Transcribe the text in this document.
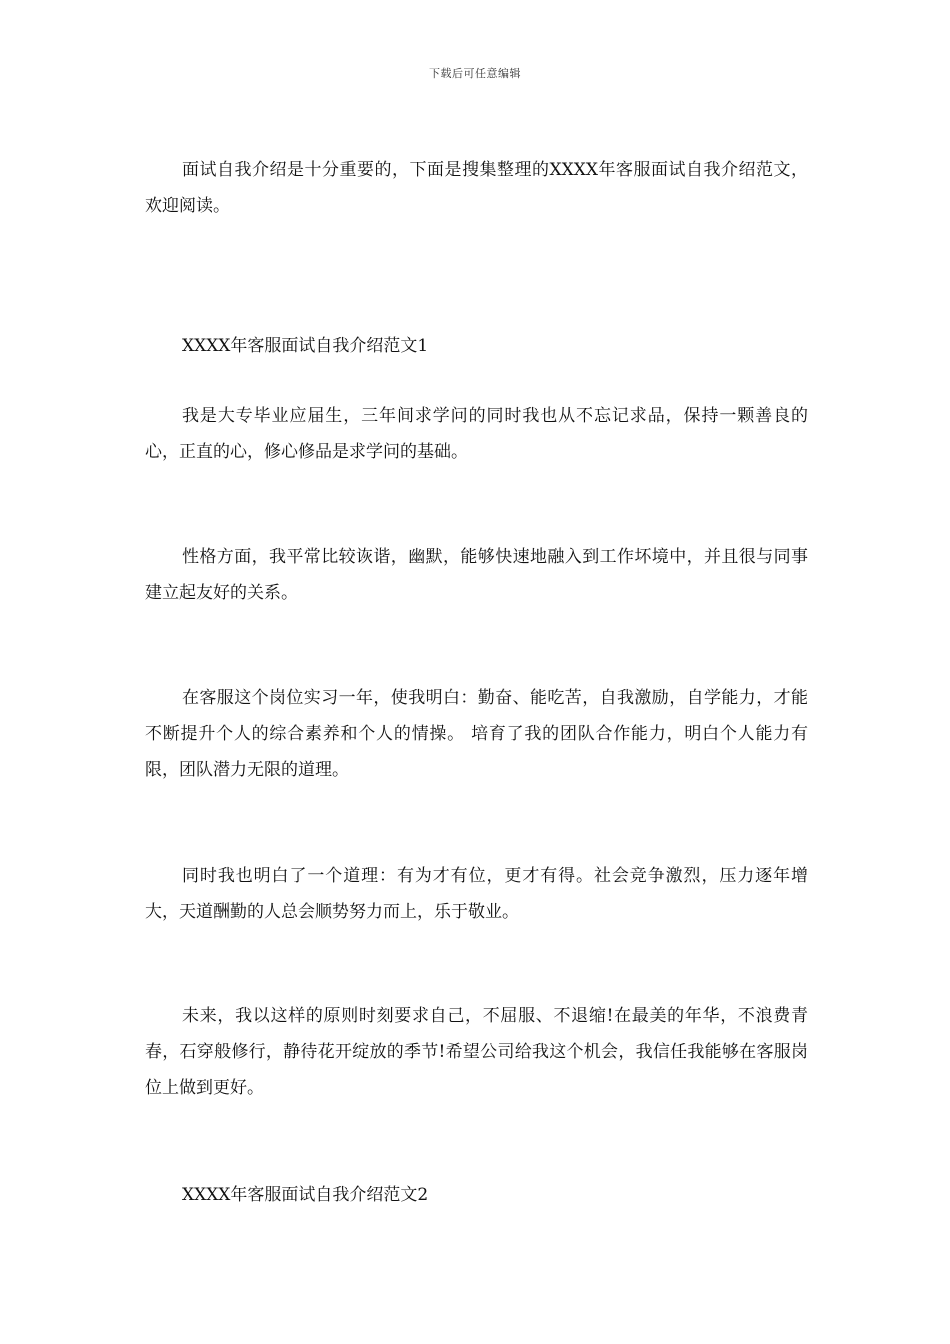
下载后可任意编辑

面试自我介绍是十分重要的，下面是搜集整理的XXXX年客服面试自我介绍范文，欢迎阅读。

XXXX年客服面试自我介绍范文1

我是大专毕业应届生，三年间求学问的同时我也从不忘记求品，保持一颗善良的心，正直的心，修心修品是求学问的基础。

性格方面，我平常比较诙谐，幽默，能够快速地融入到工作坏境中，并且很与同事建立起友好的关系。

在客服这个岗位实习一年，使我明白：勤奋、能吃苦，自我激励，自学能力，才能不断提升个人的综合素养和个人的情操。 培育了我的团队合作能力，明白个人能力有限，团队潜力无限的道理。

同时我也明白了一个道理：有为才有位，更才有得。社会竞争激烈，压力逐年增大，天道酬勤的人总会顺势努力而上，乐于敬业。

未来，我以这样的原则时刻要求自己，不屈服、不退缩!在最美的年华，不浪费青春，石穿般修行，静待花开绽放的季节!希望公司给我这个机会，我信任我能够在客服岗位上做到更好。

XXXX年客服面试自我介绍范文2
